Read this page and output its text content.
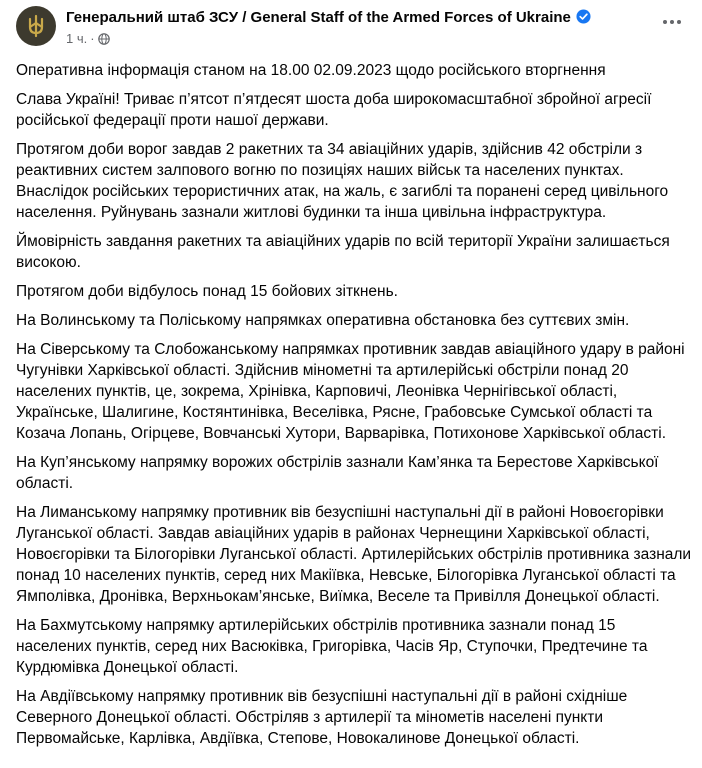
Генеральний штаб ЗСУ / General Staff of the Armed Forces of Ukraine
1 ч. ·

Оперативна інформація станом на 18.00 02.09.2023 щодо російського вторгнення

Слава Україні! Триває п’ятсот п’ятдесят шоста доба широкомасштабної збройної агресії російської федерації проти нашої держави.

Протягом доби ворог завдав 2 ракетних та 34 авіаційних ударів, здійснив 42 обстріли з реактивних систем залпового вогню по позиціях наших військ та населених пунктах. Внаслідок російських терористичних атак, на жаль, є загиблі та поранені серед цивільного населення. Руйнувань зазнали житлові будинки та інша цивільна інфраструктура.

Ймовірність завдання ракетних та авіаційних ударів по всій території України залишається високою.

Протягом доби відбулось понад 15 бойових зіткнень.

На Волинському та Поліському напрямках оперативна обстановка без суттєвих змін.

На Сіверському та Слобожанському напрямках противник завдав авіаційного удару в районі Чугунівки Харківської області. Здійснив мінометні та артилерійські обстріли понад 20 населених пунктів, це, зокрема, Хрінівка, Карповичі, Леонівка Чернігівської області, Українське, Шалигине, Костянтинівка, Веселівка, Рясне, Грабовське Сумської області та Козача Лопань, Огірцеве, Вовчанські Хутори, Варварівка, Потихонове Харківської області.

На Куп’янському напрямку ворожих обстрілів зазнали Кам’янка та Берестове Харківської області.

На Лиманському напрямку противник вів безуспішні наступальні дії в районі Новоєгорівки Луганської області. Завдав авіаційних ударів в районах Чернещини Харківської області, Новоєгорівки та Білогорівки Луганської області. Артилерійських обстрілів противника зазнали понад 10 населених пунктів, серед них Макіївка, Невське, Білогорівка Луганської області та Ямполівка, Дронівка, Верхньокам’янське, Виїмка, Веселе та Привілля Донецької області.

На Бахмутському напрямку артилерійських обстрілів противника зазнали понад 15 населених пунктів, серед них Васюківка, Григорівка, Часів Яр, Ступочки, Предтечине та Курдюмівка Донецької області.

На Авдіївському напрямку противник вів безуспішні наступальні дії в районі східніше Северного Донецької області. Обстріляв з артилерії та мінометів населені пункти Первомайське, Карлівка, Авдіївка, Степове, Новокалинове Донецької області.
